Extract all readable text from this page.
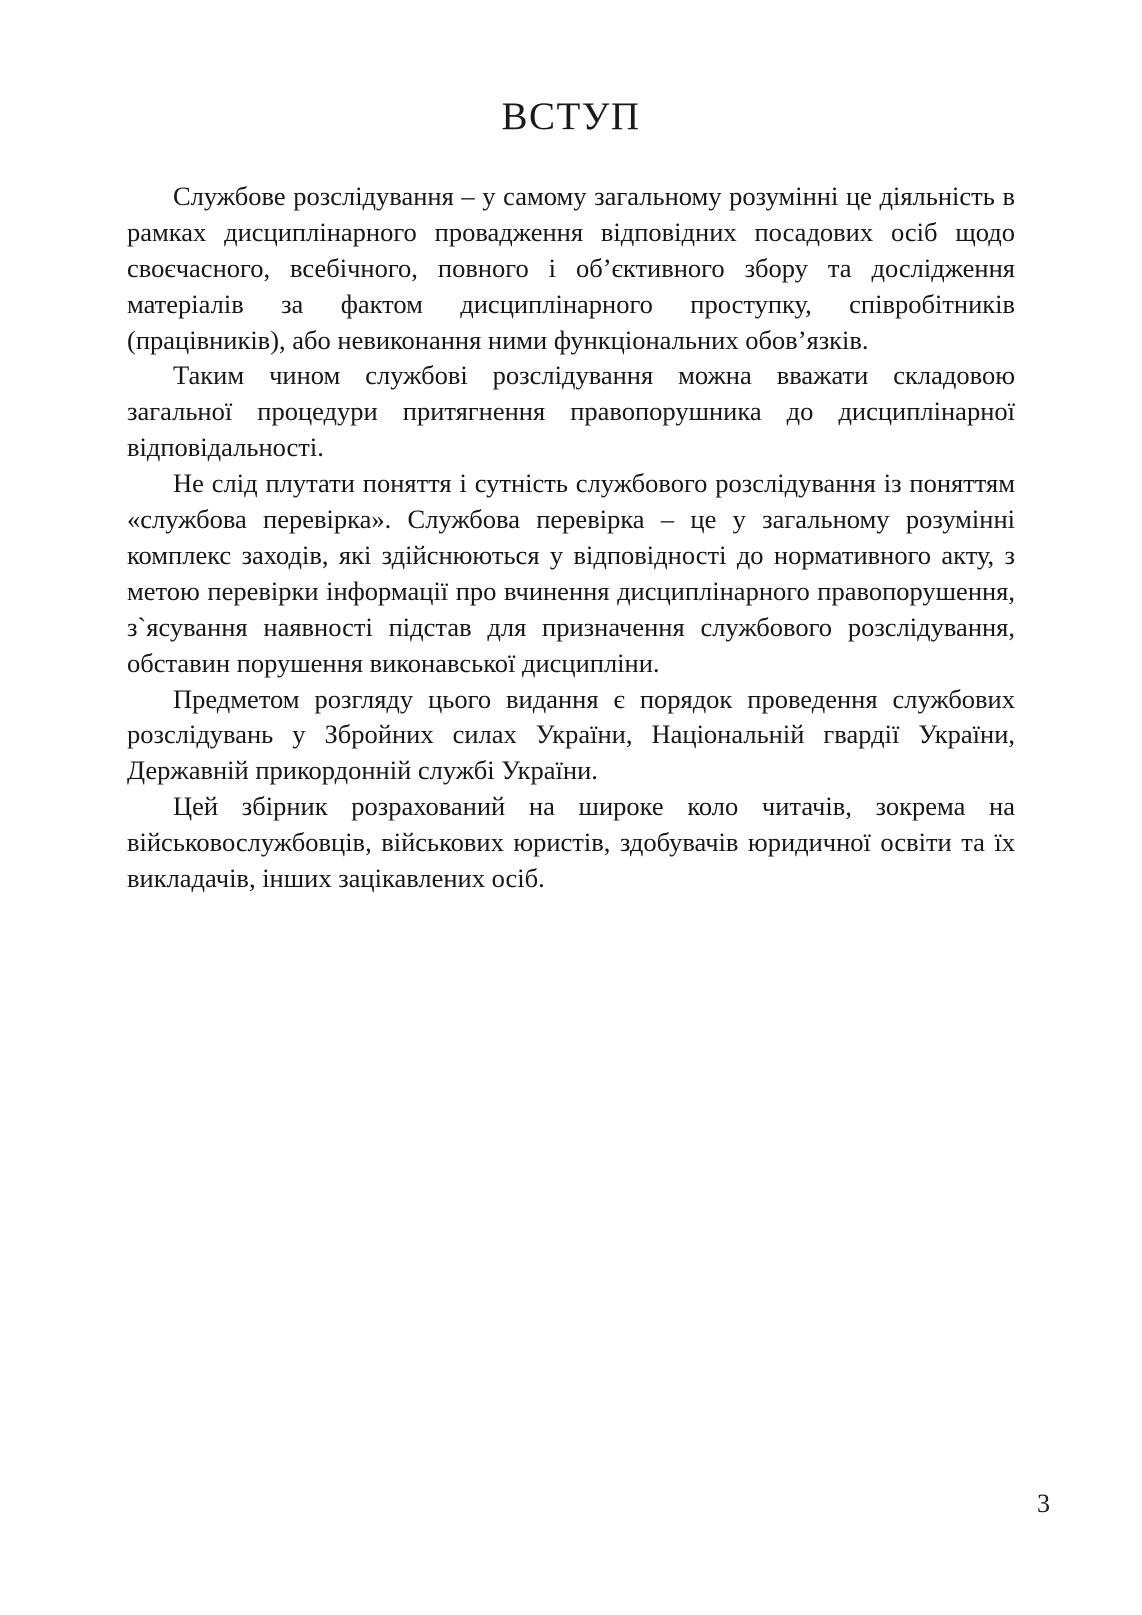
ВСТУП

Службове розслідування – у самому загальному розумінні це діяльність в рамках дисциплінарного провадження відповідних посадових осіб щодо своєчасного, всебічного, повного і об’єктивного збору та дослідження матеріалів за фактом дисциплінарного проступку, співробітників (працівників), або невиконання ними функціональних обов’язків.

Таким чином службові розслідування можна вважати складовою загальної процедури притягнення правопорушника до дисциплінарної відповідальності.

Не слід плутати поняття і сутність службового розслідування із поняттям «службова перевірка». Службова перевірка – це у загальному розумінні комплекс заходів, які здійснюються у відповідності до нормативного акту, з метою перевірки інформації про вчинення дисциплінарного правопорушення, з`ясування наявності підстав для призначення службового розслідування, обставин порушення виконавської дисципліни.

Предметом розгляду цього видання є порядок проведення службових розслідувань у Збройних силах України, Національній гвардії України, Державній прикордонній службі України.

Цей збірник розрахований на широке коло читачів, зокрема на військовослужбовців, військових юристів, здобувачів юридичної освіти та їх викладачів, інших зацікавлених осіб.

3
